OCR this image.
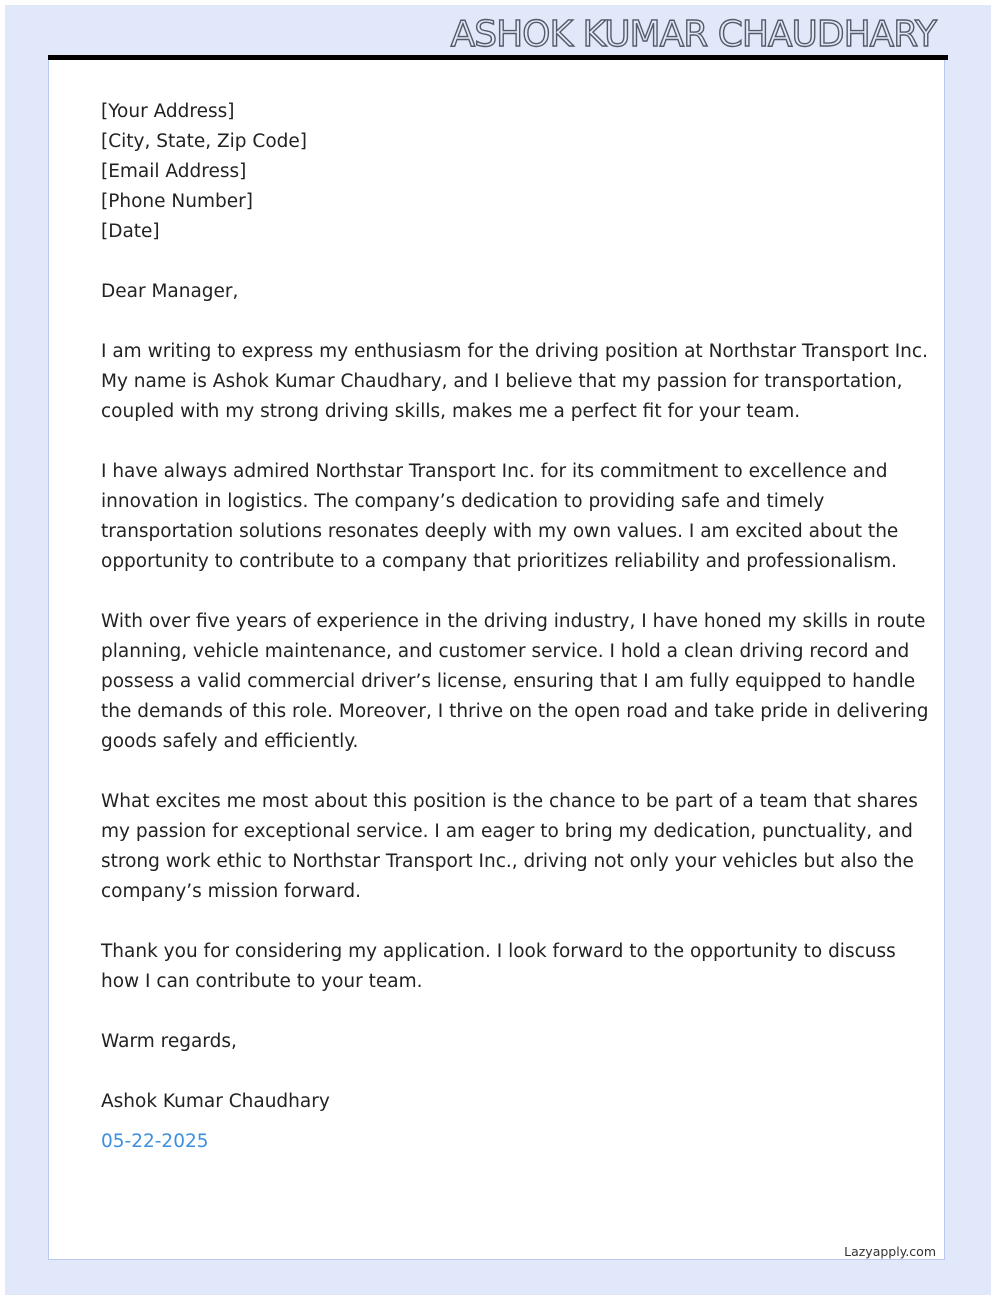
ASHOK KUMAR CHAUDHARY
[Your Address]
[City, State, Zip Code]
[Email Address]
[Phone Number]
[Date]
Dear Manager,
I am writing to express my enthusiasm for the driving position at Northstar Transport Inc.
My name is Ashok Kumar Chaudhary, and I believe that my passion for transportation,
coupled with my strong driving skills, makes me a perfect fit for your team.
I have always admired Northstar Transport Inc. for its commitment to excellence and
innovation in logistics. The company’s dedication to providing safe and timely
transportation solutions resonates deeply with my own values. I am excited about the
opportunity to contribute to a company that prioritizes reliability and professionalism.
With over five years of experience in the driving industry, I have honed my skills in route
planning, vehicle maintenance, and customer service. I hold a clean driving record and
possess a valid commercial driver’s license, ensuring that I am fully equipped to handle
the demands of this role. Moreover, I thrive on the open road and take pride in delivering
goods safely and efficiently.
What excites me most about this position is the chance to be part of a team that shares
my passion for exceptional service. I am eager to bring my dedication, punctuality, and
strong work ethic to Northstar Transport Inc., driving not only your vehicles but also the
company’s mission forward.
Thank you for considering my application. I look forward to the opportunity to discuss
how I can contribute to your team.
Warm regards,
Ashok Kumar Chaudhary
05-22-2025
Lazyapply.com
